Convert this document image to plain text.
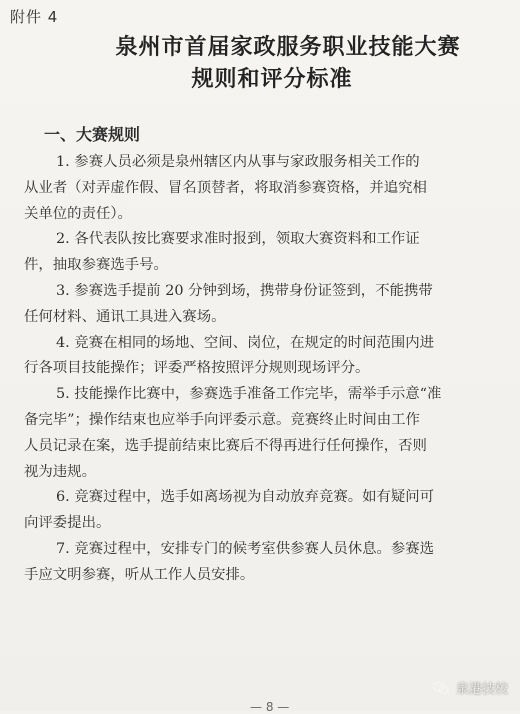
附件 4
泉州市首届家政服务职业技能大赛
规则和评分标准
一、大赛规则
1. 参赛人员必须是泉州辖区内从事与家政服务相关工作的
从业者（对弄虚作假、冒名顶替者，将取消参赛资格，并追究相
关单位的责任）。
2. 各代表队按比赛要求准时报到，领取大赛资料和工作证
件，抽取参赛选手号。
3. 参赛选手提前 20 分钟到场，携带身份证签到，不能携带
任何材料、通讯工具进入赛场。
4. 竞赛在相同的场地、空间、岗位，在规定的时间范围内进
行各项目技能操作；评委严格按照评分规则现场评分。
5. 技能操作比赛中，参赛选手准备工作完毕，需举手示意“准
备完毕”；操作结束也应举手向评委示意。竞赛终止时间由工作
人员记录在案，选手提前结束比赛后不得再进行任何操作，否则
视为违规。
6. 竞赛过程中，选手如离场视为自动放弃竞赛。如有疑问可
向评委提出。
7. 竞赛过程中，安排专门的候考室供参赛人员休息。参赛选
手应文明参赛，听从工作人员安排。
— 8 —
泉港技校
